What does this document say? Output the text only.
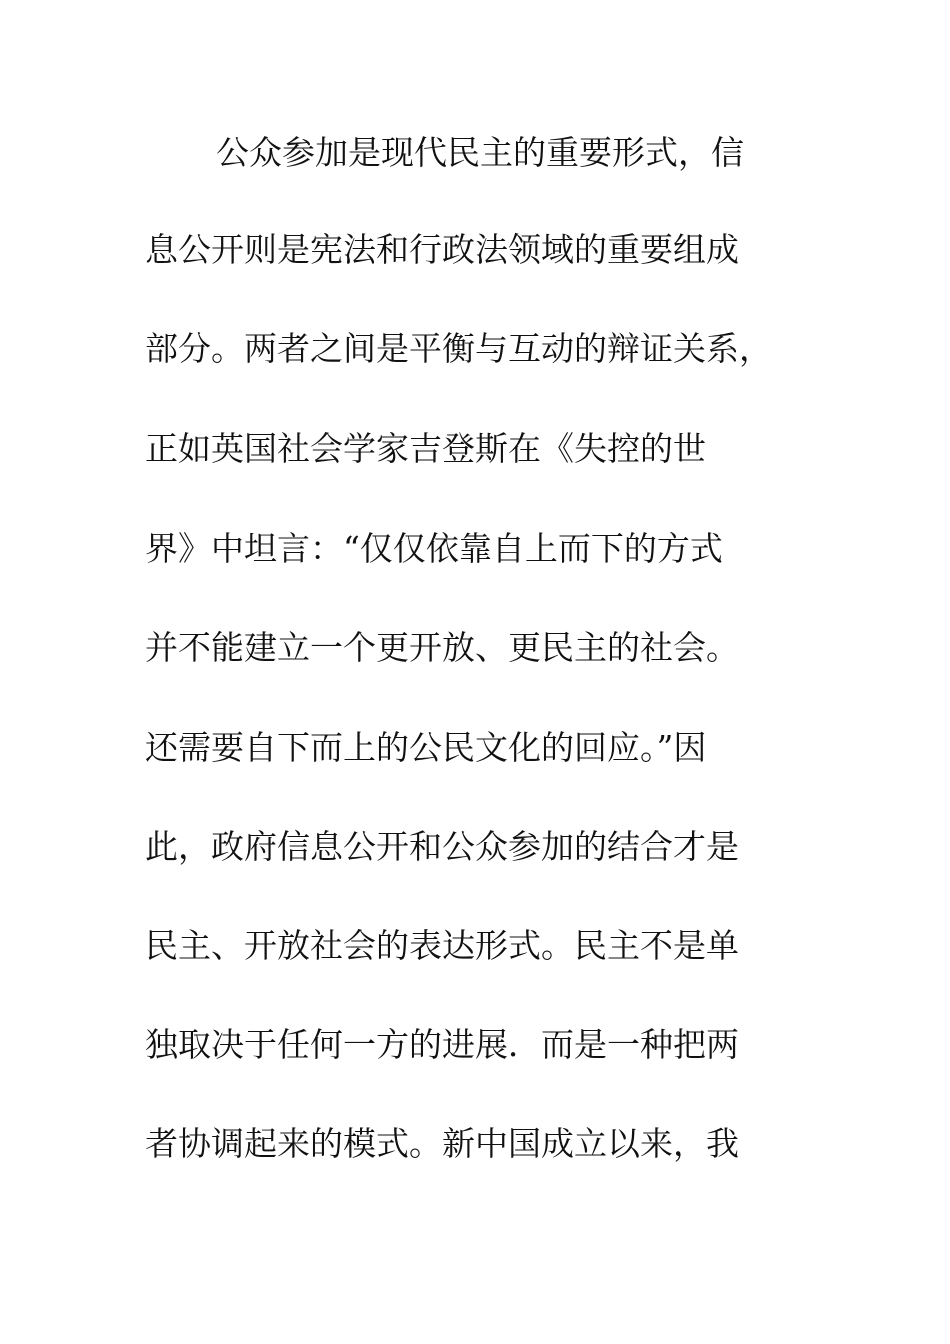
公众参加是现代民主的重要形式，信
息公开则是宪法和行政法领域的重要组成
部分。两者之间是平衡与互动的辩证关系，
正如英国社会学家吉登斯在《失控的世
界》中坦言：“仅仅依靠自上而下的方式
并不能建立一个更开放、更民主的社会。
还需要自下而上的公民文化的回应。”因
此，政府信息公开和公众参加的结合才是
民主、开放社会的表达形式。民主不是单
独取决于任何一方的进展．而是一种把两
者协调起来的模式。新中国成立以来，我
